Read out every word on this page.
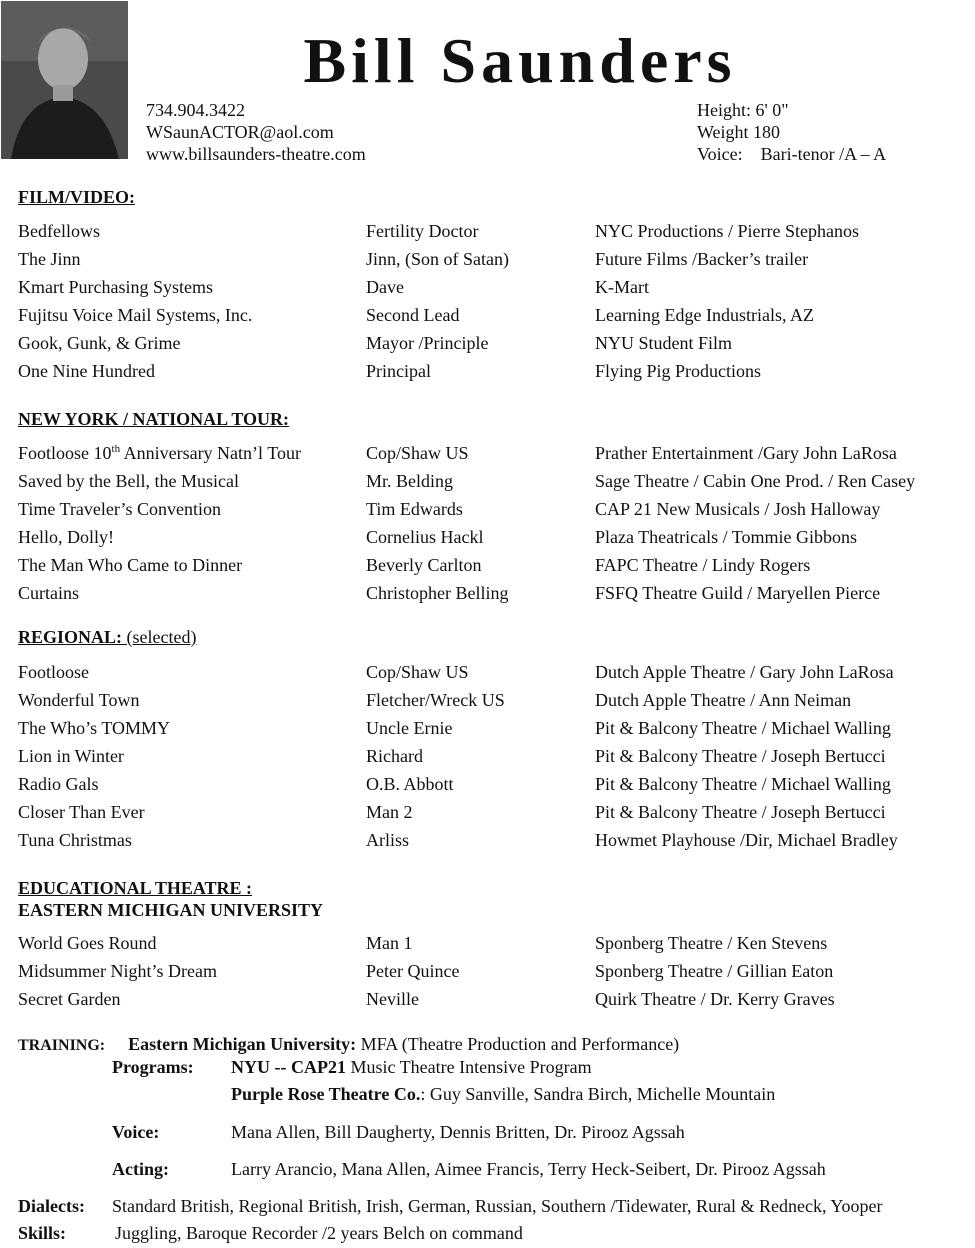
Bill Saunders
734.904.3422
WSaunACTOR@aol.com
www.billsaunders-theatre.com
Height: 6' 0"
Weight 180
Voice: Bari-tenor /A – A
FILM/VIDEO:
Bedfellows	Fertility Doctor	NYC Productions / Pierre Stephanos
The Jinn	Jinn, (Son of Satan)	Future Films /Backer’s trailer
Kmart Purchasing Systems	Dave	K-Mart
Fujitsu Voice Mail Systems, Inc.	Second Lead	Learning Edge Industrials, AZ
Gook, Gunk, & Grime	Mayor /Principle	NYU Student Film
One Nine Hundred	Principal	Flying Pig Productions
NEW YORK / NATIONAL TOUR:
Footloose 10th Anniversary Natn’l Tour	Cop/Shaw US	Prather Entertainment /Gary John LaRosa
Saved by the Bell, the Musical	Mr. Belding	Sage Theatre / Cabin One Prod. / Ren Casey
Time Traveler’s Convention	Tim Edwards	CAP 21 New Musicals / Josh Halloway
Hello, Dolly!	Cornelius Hackl	Plaza Theatricals / Tommie Gibbons
The Man Who Came to Dinner	Beverly Carlton	FAPC Theatre / Lindy Rogers
Curtains	Christopher Belling	FSFQ Theatre Guild / Maryellen Pierce
REGIONAL: (selected)
Footloose	Cop/Shaw US	Dutch Apple Theatre / Gary John LaRosa
Wonderful Town	Fletcher/Wreck US	Dutch Apple Theatre / Ann Neiman
The Who’s TOMMY	Uncle Ernie	Pit & Balcony Theatre / Michael Walling
Lion in Winter	Richard	Pit & Balcony Theatre / Joseph Bertucci
Radio Gals	O.B. Abbott	Pit & Balcony Theatre / Michael Walling
Closer Than Ever	Man 2	Pit & Balcony Theatre / Joseph Bertucci
Tuna Christmas	Arliss	Howmet Playhouse /Dir, Michael Bradley
EDUCATIONAL THEATRE :
EASTERN MICHIGAN UNIVERSITY
World Goes Round	Man 1	Sponberg Theatre / Ken Stevens
Midsummer Night’s Dream	Peter Quince	Sponberg Theatre / Gillian Eaton
Secret Garden	Neville	Quirk Theatre / Dr. Kerry Graves
TRAINING: Eastern Michigan University: MFA (Theatre Production and Performance)
Programs: NYU -- CAP21 Music Theatre Intensive Program
Purple Rose Theatre Co.: Guy Sanville, Sandra Birch, Michelle Mountain
Voice:	Mana Allen, Bill Daugherty, Dennis Britten, Dr. Pirooz Agssah
Acting:	Larry Arancio, Mana Allen, Aimee Francis, Terry Heck-Seibert, Dr. Pirooz Agssah
Dialects: Standard British, Regional British, Irish, German, Russian, Southern /Tidewater, Rural & Redneck, Yooper
Skills:	Juggling, Baroque Recorder /2 years Belch on command
